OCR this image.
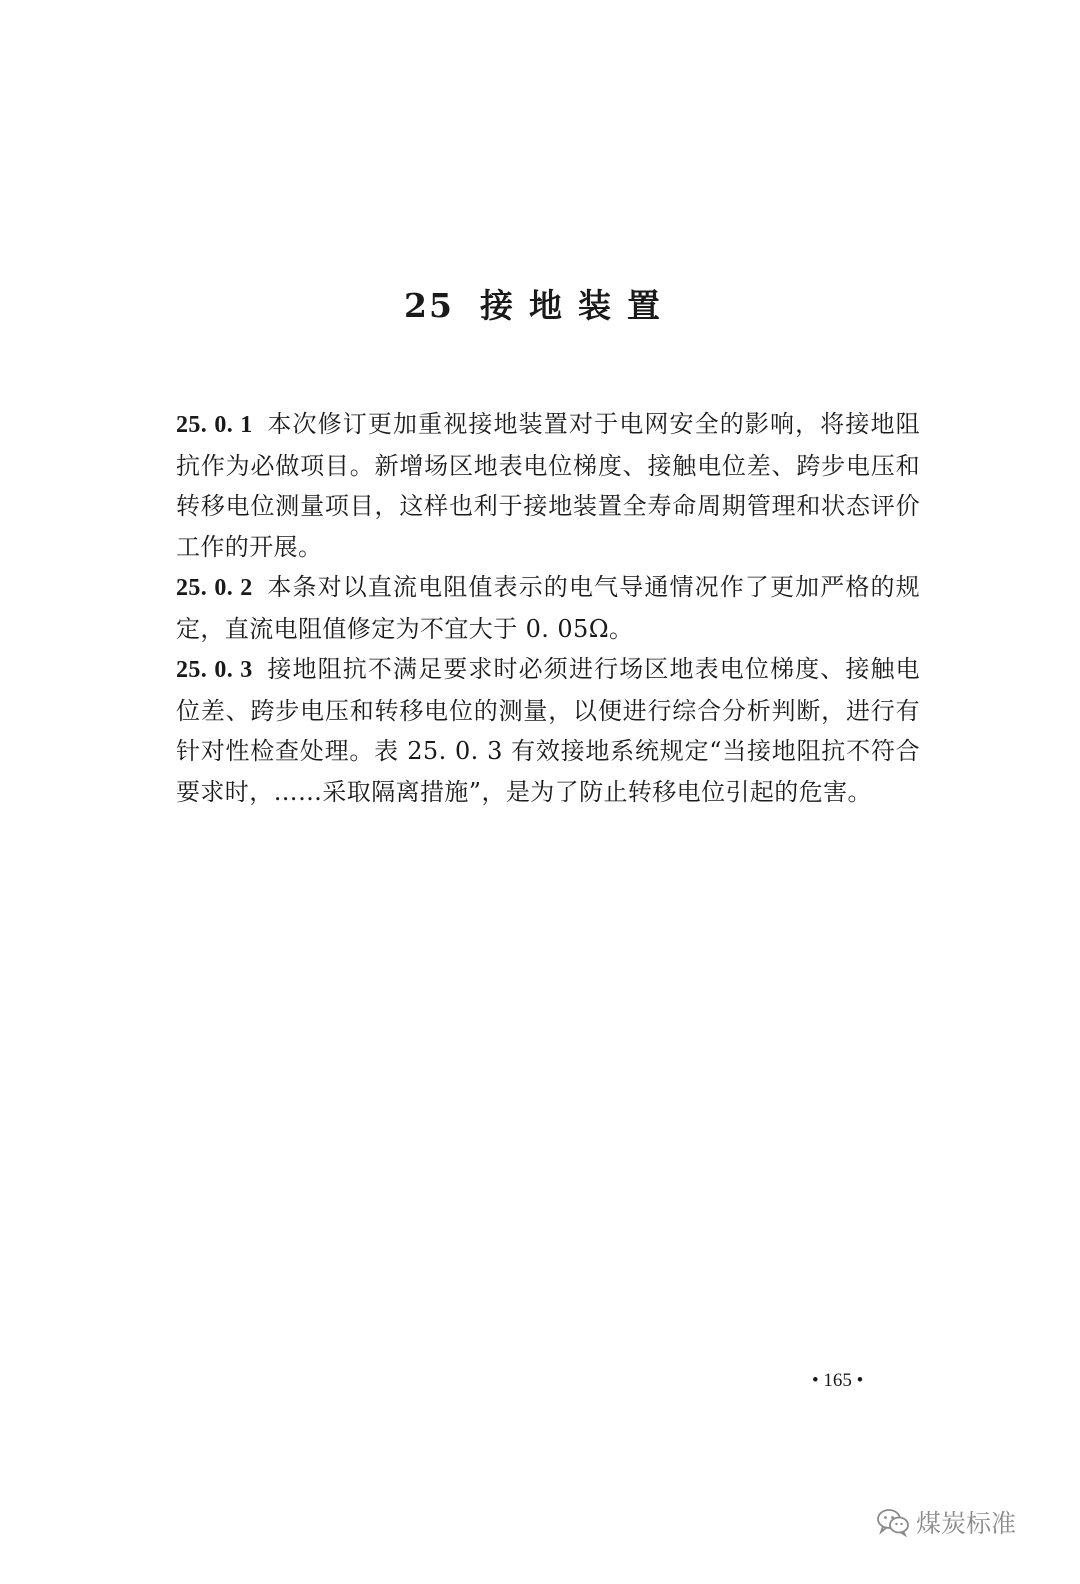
25 接地装置

25. 0. 1 本次修订更加重视接地装置对于电网安全的影响，将接地阻抗作为必做项目。新增场区地表电位梯度、接触电位差、跨步电压和转移电位测量项目，这样也利于接地装置全寿命周期管理和状态评价工作的开展。

25. 0. 2 本条对以直流电阻值表示的电气导通情况作了更加严格的规定，直流电阻值修定为不宜大于 0. 05Ω。

25. 0. 3 接地阻抗不满足要求时必须进行场区地表电位梯度、接触电位差、跨步电压和转移电位的测量，以便进行综合分析判断，进行有针对性检查处理。表 25. 0. 3 有效接地系统规定“当接地阻抗不符合要求时，……采取隔离措施”，是为了防止转移电位引起的危害。

• 165 •
煤炭标准
